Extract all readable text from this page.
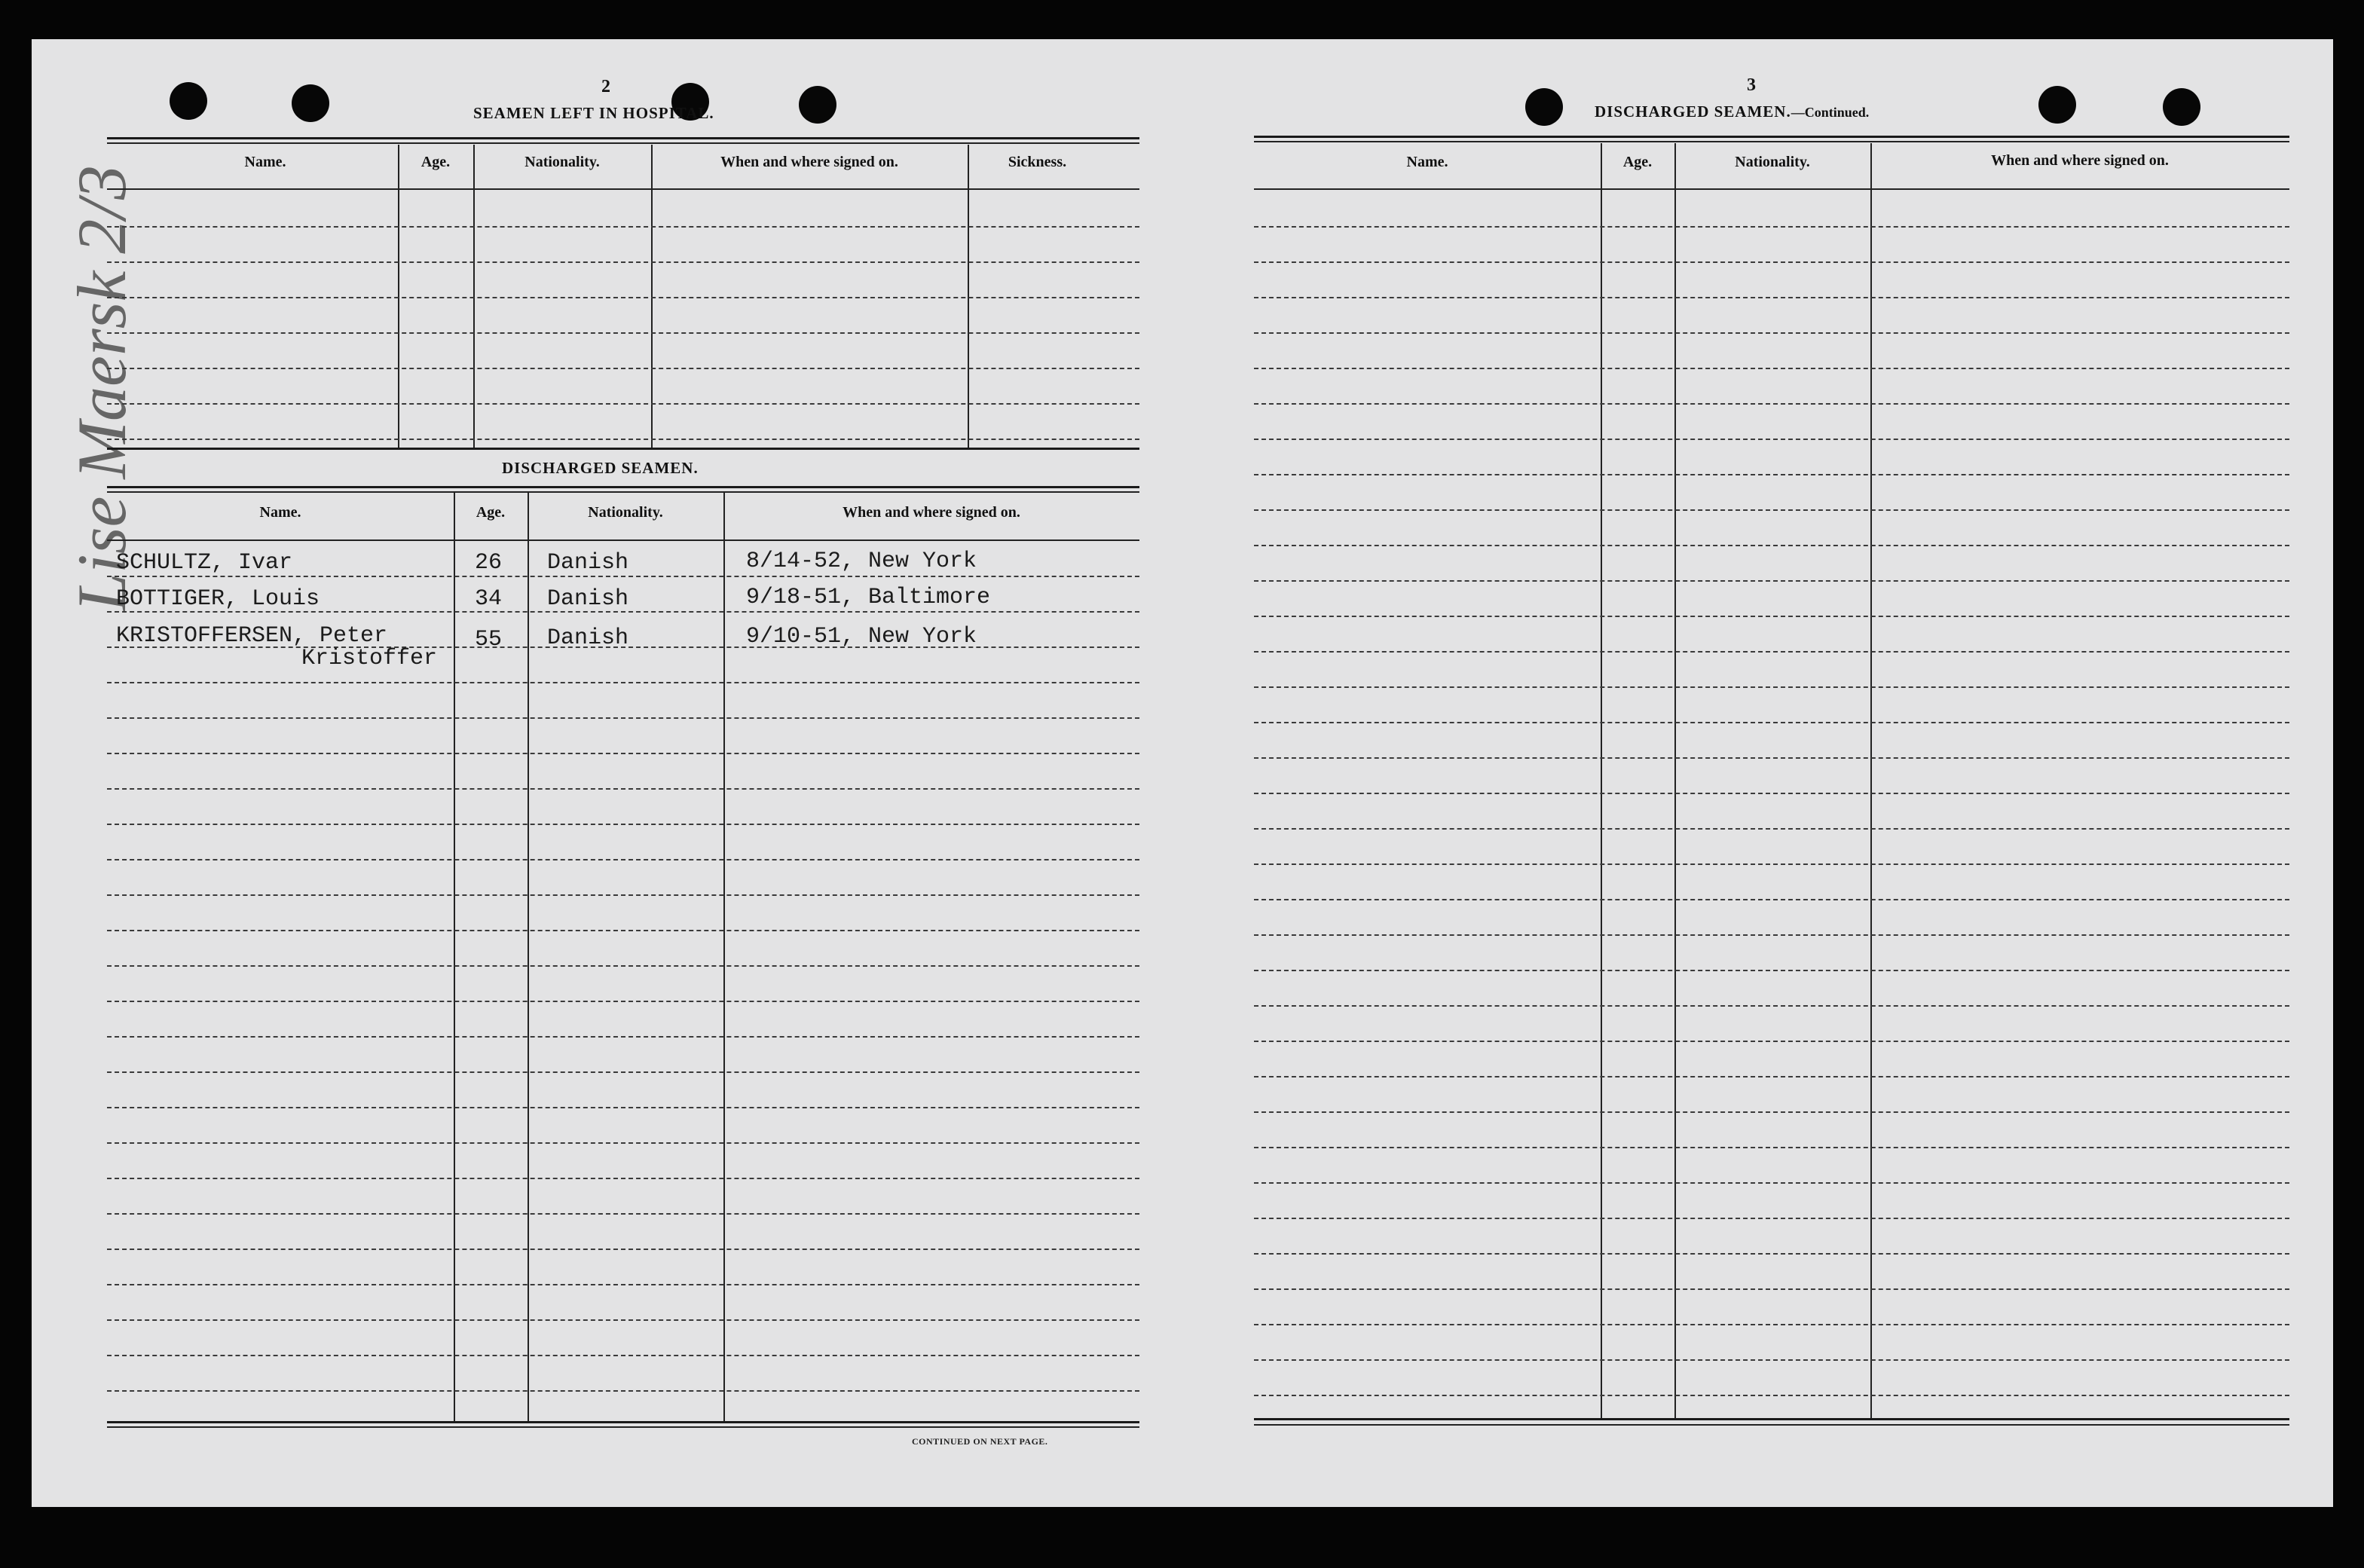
Lise Maersk 2/3
2
SEAMEN LEFT IN HOSPITAL.
Name.	Age.	Nationality.	When and where signed on.	Sickness.
DISCHARGED SEAMEN.
Name.	Age.	Nationality.	When and where signed on.
SCHULTZ, Ivar	26 Danish	8/14-52, New York
BOTTIGER, Louis	34 Danish	9/18-51, Baltimore
KRISTOFFERSEN, Peter
Kristoffer
55 Danish	9/10-51, New York
CONTINUED ON NEXT PAGE.
3
DISCHARGED SEAMEN.—Continued.
Name.	Age.	Nationality.	When and where signed on.
